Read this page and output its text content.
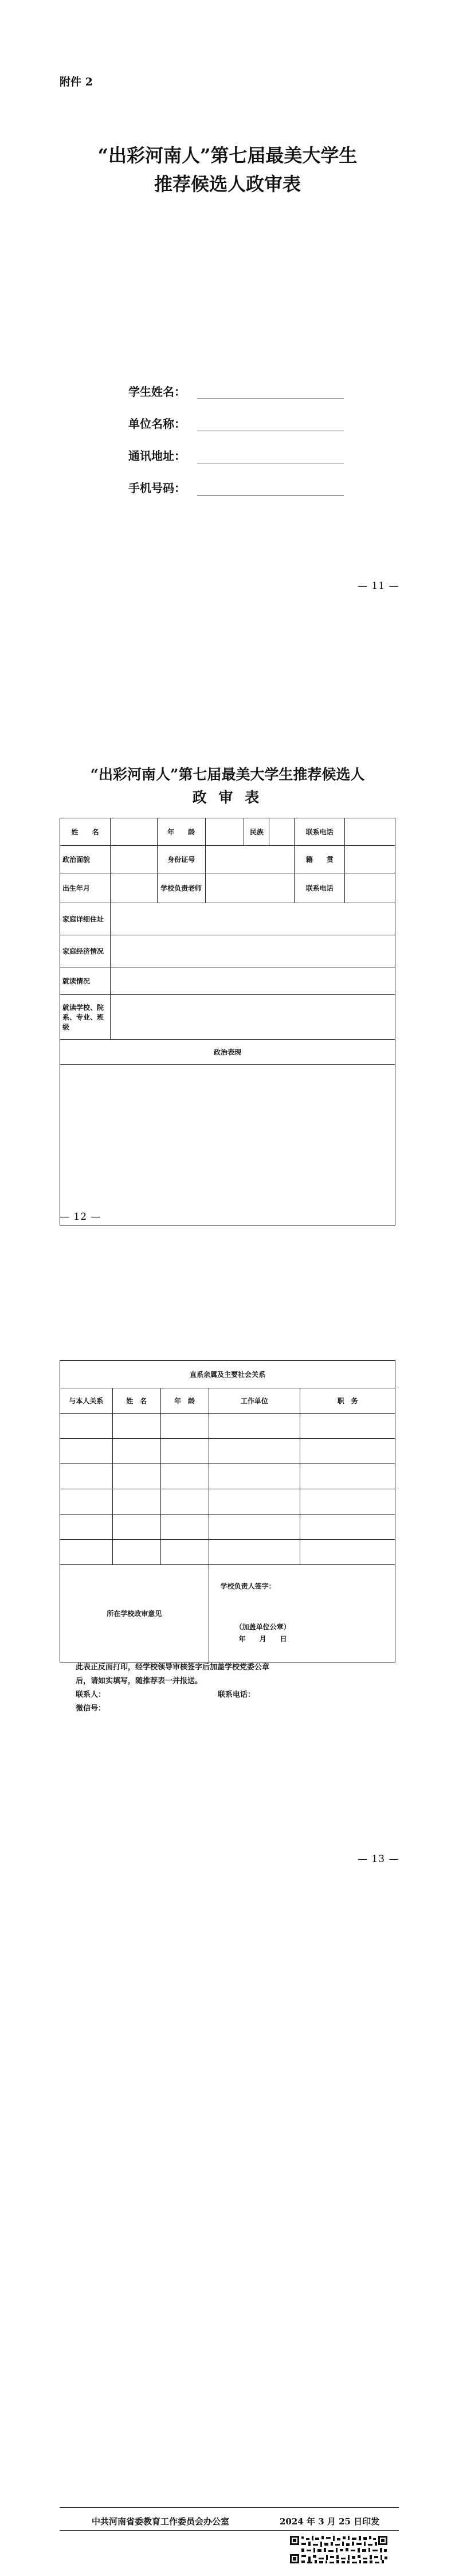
附件 2
“出彩河南人”第七届最美大学生
推荐候选人政审表
学生姓名：
单位名称：
通讯地址：
手机号码：
— 11 —
“出彩河南人”第七届最美大学生推荐候选人
政 审 表
姓　　名		年　　龄		民族		联系电话	
政治面貌		身份证号				籍　　贯	
出生年月		学校负责老师				联系电话	
家庭详细住址							
家庭经济情况							
就读情况							
就读学校、院系、专业、班级							
政治表现							

— 12 —
直系亲属及主要社会关系				
与本人关系	姓　名	年　龄	工作单位	职　务

所在学校政审意见			学校负责人签字：
（加盖单位公章）
年　　月　　日	
此表正反面打印，经学校领导审核签字后加盖学校党委公章
后，请如实填写，随推荐表一并报送。
联系人：	联系电话：
微信号：
— 13 —
中共河南省委教育工作委员会办公室	2024 年 3 月 25 日印发
